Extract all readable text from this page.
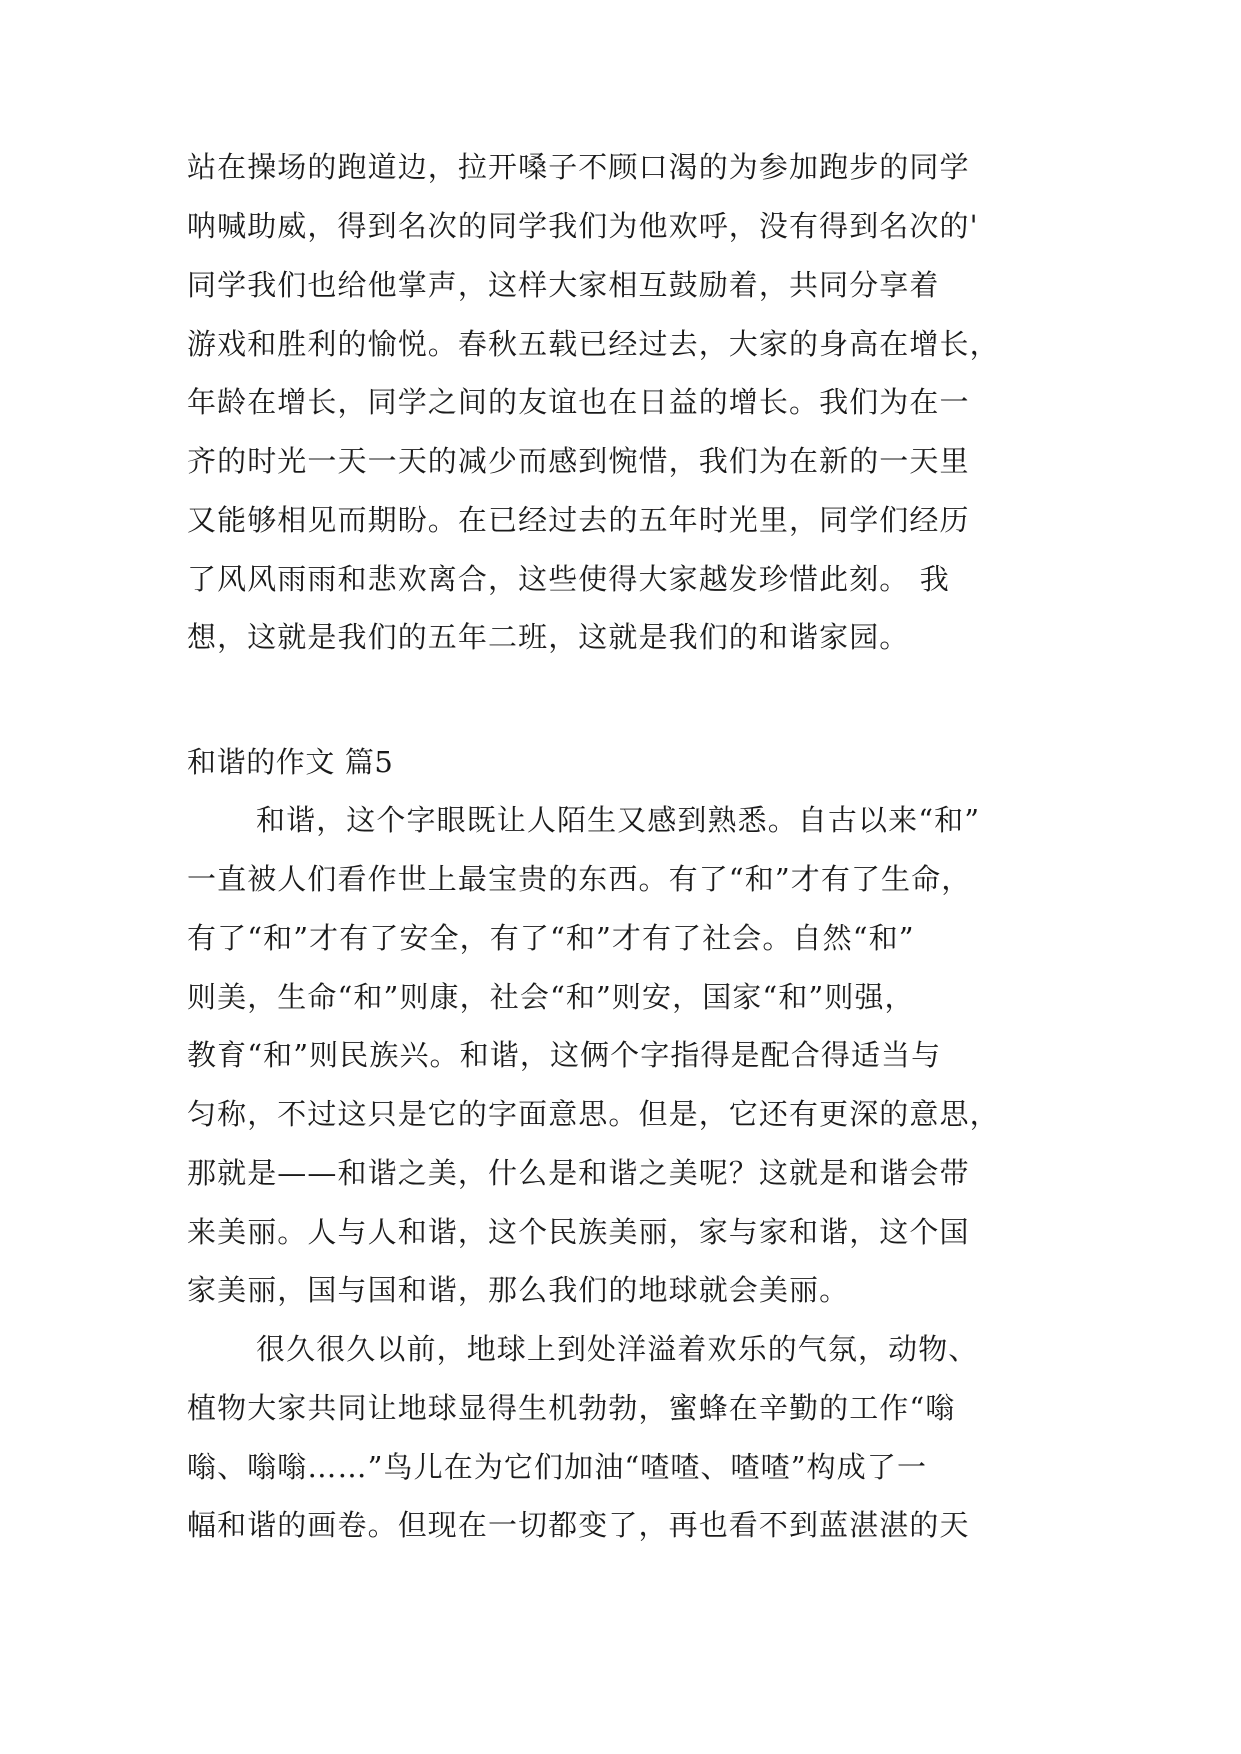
站在操场的跑道边，拉开嗓子不顾口渴的为参加跑步的同学
呐喊助威，得到名次的同学我们为他欢呼，没有得到名次的'
同学我们也给他掌声，这样大家相互鼓励着，共同分享着
游戏和胜利的愉悦。春秋五载已经过去，大家的身高在增长，
年龄在增长，同学之间的友谊也在日益的增长。我们为在一
齐的时光一天一天的减少而感到惋惜，我们为在新的一天里
又能够相见而期盼。在已经过去的五年时光里，同学们经历
了风风雨雨和悲欢离合，这些使得大家越发珍惜此刻。 我
想，这就是我们的五年二班，这就是我们的和谐家园。
和谐的作文 篇5
和谐，这个字眼既让人陌生又感到熟悉。自古以来“和”
一直被人们看作世上最宝贵的东西。有了“和”才有了生命，
有了“和”才有了安全，有了“和”才有了社会。自然“和”
则美，生命“和”则康，社会“和”则安，国家“和”则强，
教育“和”则民族兴。和谐，这俩个字指得是配合得适当与
匀称，不过这只是它的字面意思。但是，它还有更深的意思，
那就是——和谐之美，什么是和谐之美呢？这就是和谐会带
来美丽。人与人和谐，这个民族美丽，家与家和谐，这个国
家美丽，国与国和谐，那么我们的地球就会美丽。
很久很久以前，地球上到处洋溢着欢乐的气氛，动物、
植物大家共同让地球显得生机勃勃，蜜蜂在辛勤的工作“嗡
嗡、嗡嗡……”鸟儿在为它们加油“喳喳、喳喳”构成了一
幅和谐的画卷。但现在一切都变了，再也看不到蓝湛湛的天
